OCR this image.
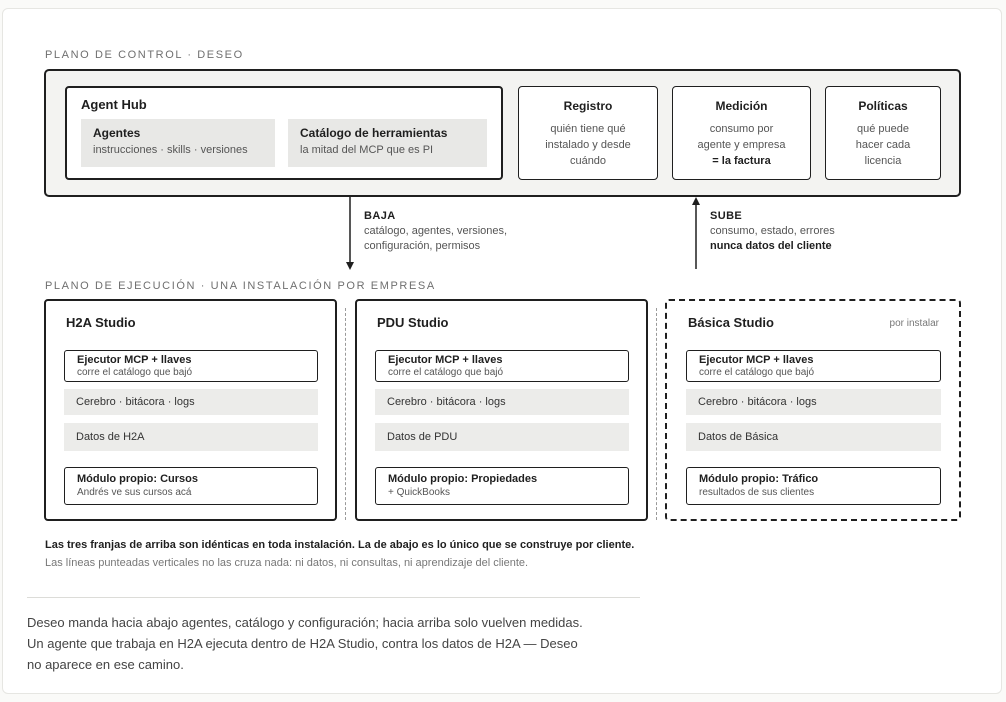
PLANO DE CONTROL · DESEO
Agent Hub
Agentes
instrucciones · skills · versiones
Catálogo de herramientas
la mitad del MCP que es PI
Registro
quién tiene qué
instalado y desde
cuándo
Medición
consumo por
agente y empresa
= la factura
Políticas
qué puede
hacer cada
licencia
BAJA
catálogo, agentes, versiones,
configuración, permisos
SUBE
consumo, estado, errores
nunca datos del cliente
PLANO DE EJECUCIÓN · UNA INSTALACIÓN POR EMPRESA
H2A Studio
Ejecutor MCP + llaves
corre el catálogo que bajó
Cerebro · bitácora · logs
Datos de H2A
Módulo propio: Cursos
Andrés ve sus cursos acá
PDU Studio
Ejecutor MCP + llaves
corre el catálogo que bajó
Cerebro · bitácora · logs
Datos de PDU
Módulo propio: Propiedades
+ QuickBooks
Básica Studio	por instalar
Ejecutor MCP + llaves
corre el catálogo que bajó
Cerebro · bitácora · logs
Datos de Básica
Módulo propio: Tráfico
resultados de sus clientes
Las tres franjas de arriba son idénticas en toda instalación. La de abajo es lo único que se construye por cliente.
Las líneas punteadas verticales no las cruza nada: ni datos, ni consultas, ni aprendizaje del cliente.
Deseo manda hacia abajo agentes, catálogo y configuración; hacia arriba solo vuelven medidas.
Un agente que trabaja en H2A ejecuta dentro de H2A Studio, contra los datos de H2A — Deseo
no aparece en ese camino.
